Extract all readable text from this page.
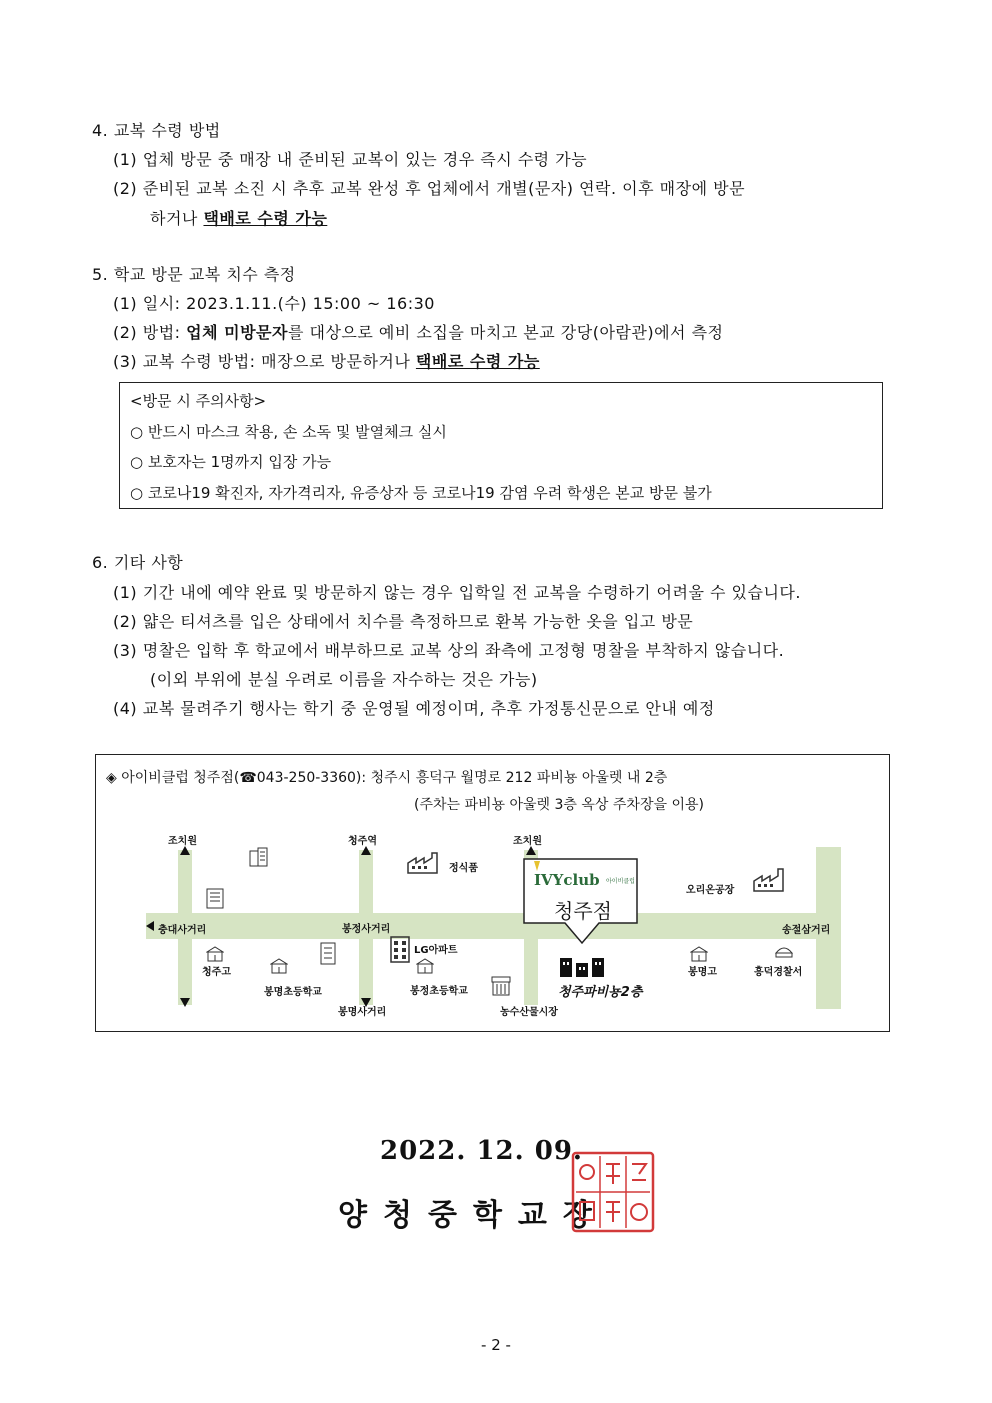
4. 교복 수령 방법
(1) 업체 방문 중 매장 내 준비된 교복이 있는 경우 즉시 수령 가능
(2) 준비된 교복 소진 시 추후 교복 완성 후 업체에서 개별(문자) 연락. 이후 매장에 방문
하거나 택배로 수령 가능
5. 학교 방문 교복 치수 측정
(1) 일시: 2023.1.11.(수) 15:00 ~ 16:30
(2) 방법: 업체 미방문자를 대상으로 예비 소집을 마치고 본교 강당(아람관)에서 측정
(3) 교복 수령 방법: 매장으로 방문하거나 택배로 수령 가능
<방문 시 주의사항>
○ 반드시 마스크 착용, 손 소독 및 발열체크 실시
○ 보호자는 1명까지 입장 가능
○ 코로나19 확진자, 자가격리자, 유증상자 등 코로나19 감염 우려 학생은 본교 방문 불가
6. 기타 사항
(1) 기간 내에 예약 완료 및 방문하지 않는 경우 입학일 전 교복을 수령하기 어려울 수 있습니다.
(2) 얇은 티셔츠를 입은 상태에서 치수를 측정하므로 환복 가능한 옷을 입고 방문
(3) 명찰은 입학 후 학교에서 배부하므로 교복 상의 좌측에 고정형 명찰을 부착하지 않습니다.
(이외 부위에 분실 우려로 이름을 자수하는 것은 가능)
(4) 교복 물려주기 행사는 학기 중 운영될 예정이며, 추후 가정통신문으로 안내 예정
◈ 아이비클럽 청주점(☎043-250-3360): 청주시 흥덕구 월명로 212 파비뇽 아울렛 내 2층
(주차는 파비뇽 아울렛 3층 옥상 주차장을 이용)
조치원	청주역	조치원
충대사거리	봉정사거리	송절삼거리
봉명사거리	농수산물시장
LG아파트
정식품
오리온공장
청주고
봉명초등학교	봉정초등학교
봉명고	흥덕경찰서
IVYclub 아이비클럽
청주점
청주파비뇽2층
2022. 12. 09.
양청중학교장
- 2 -
